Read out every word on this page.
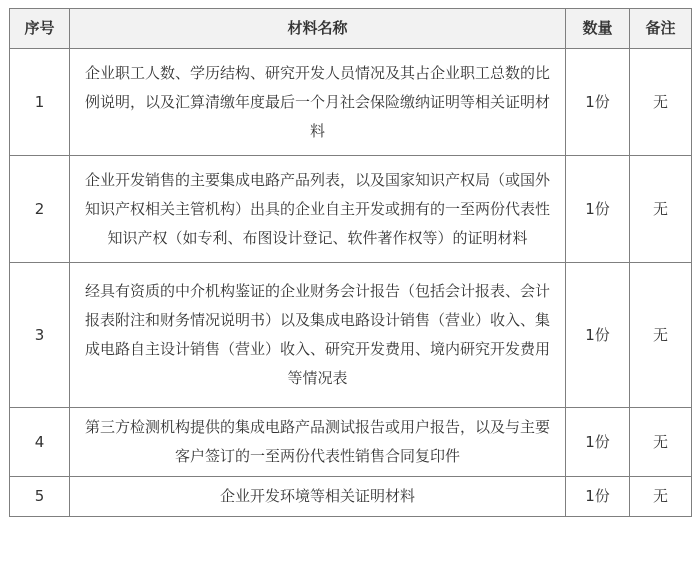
序号	材料名称	数量	备注
1	企业职工人数、学历结构、研究开发人员情况及其占企业职工总数的比例说明，以及汇算清缴年度最后一个月社会保险缴纳证明等相关证明材料	1份	无
2	企业开发销售的主要集成电路产品列表，以及国家知识产权局（或国外知识产权相关主管机构）出具的企业自主开发或拥有的一至两份代表性知识产权（如专利、布图设计登记、软件著作权等）的证明材料	1份	无
3	经具有资质的中介机构鉴证的企业财务会计报告（包括会计报表、会计报表附注和财务情况说明书）以及集成电路设计销售（营业）收入、集成电路自主设计销售（营业）收入、研究开发费用、境内研究开发费用等情况表	1份	无
4	第三方检测机构提供的集成电路产品测试报告或用户报告，以及与主要客户签订的一至两份代表性销售合同复印件	1份	无
5	企业开发环境等相关证明材料	1份	无
